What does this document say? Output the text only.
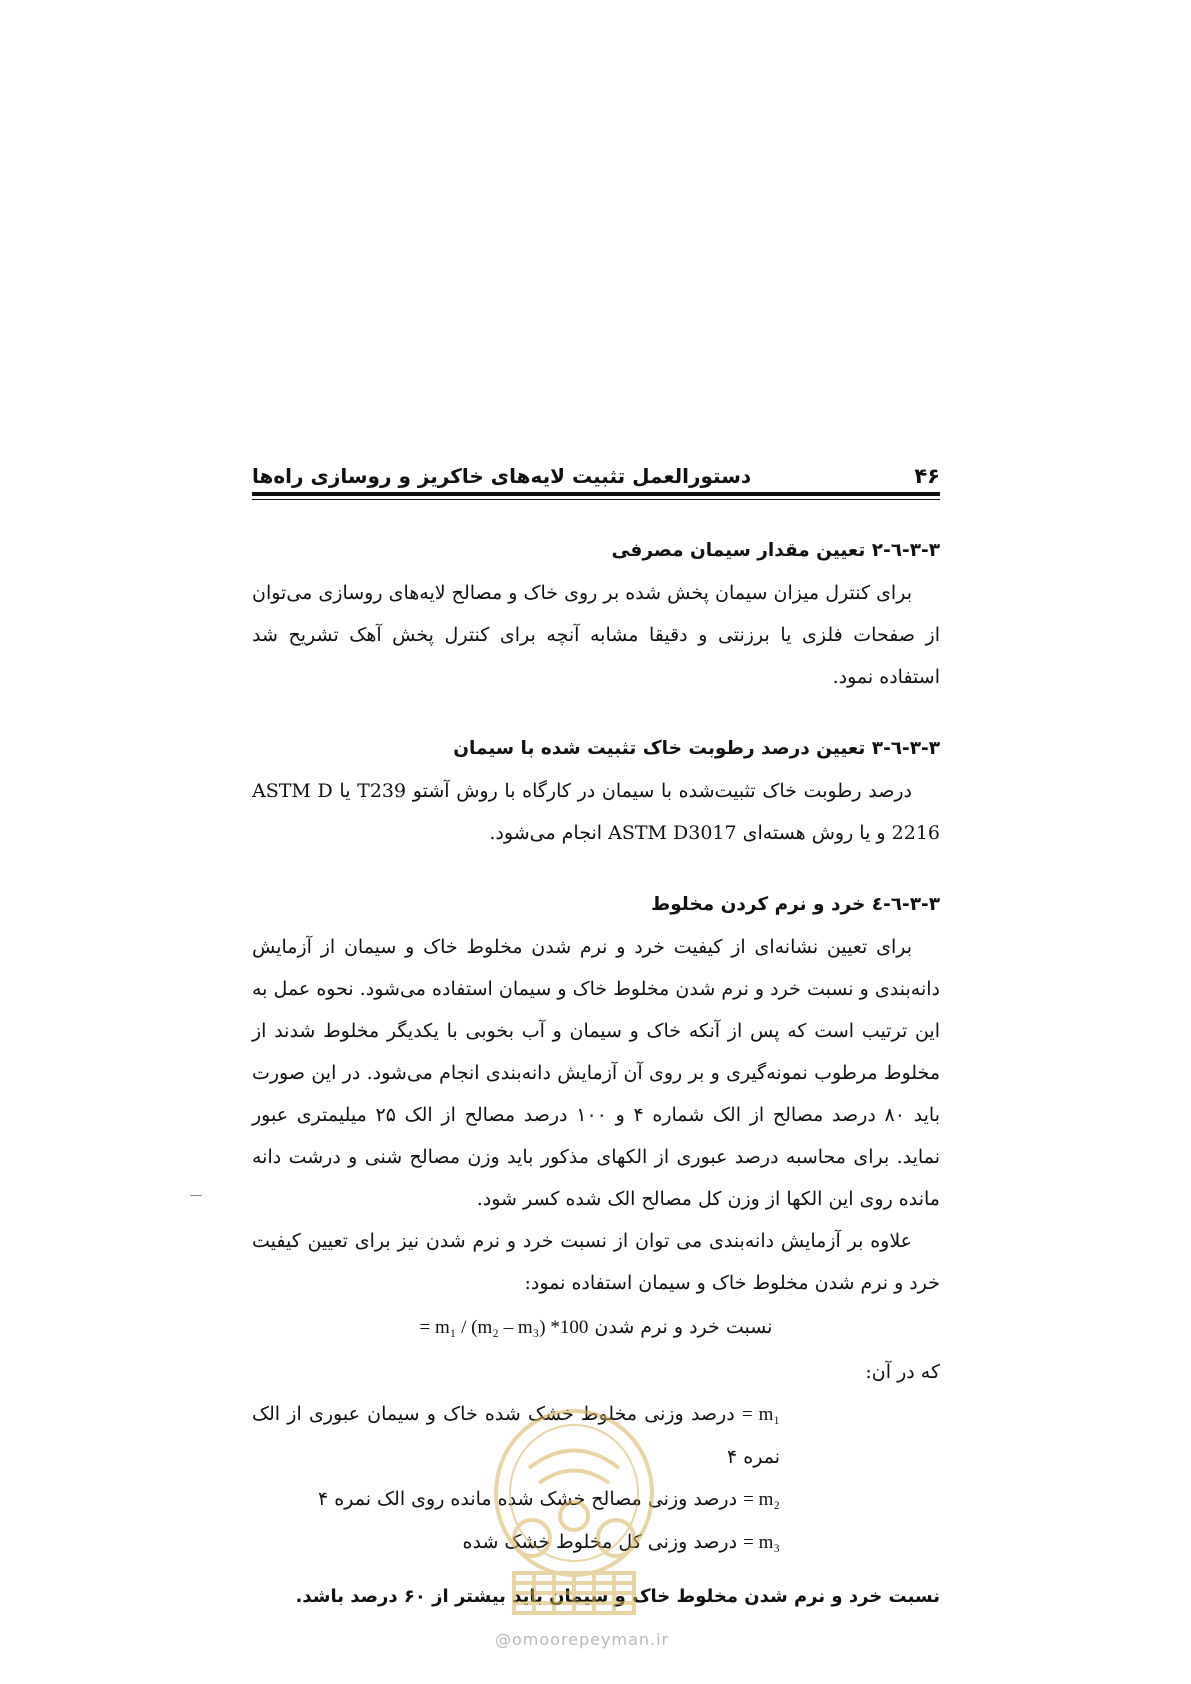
۴۶
دستورالعمل تثبیت لایه‌های خاکریز و روسازی راه‌ها
۳-۳-٦-۲ تعیین مقدار سیمان مصرفی

برای کنترل میزان سیمان پخش شده بر روی خاک و مصالح لایه‌های روسازی می‌توان از صفحات فلزی یا برزنتی و دقیقا مشابه آنچه برای کنترل پخش آهک تشریح شد استفاده نمود.

۳-۳-٦-۳ تعیین درصد رطوبت خاک تثبیت شده با سیمان

درصد رطوبت خاک تثبیت‌شده با سیمان در کارگاه با روش آشتو T239 یا ASTM D 2216 و یا روش هسته‌ای ASTM D3017 انجام می‌شود.

۳-۳-٦-٤ خرد و نرم کردن مخلوط

برای تعیین نشانه‌ای از کیفیت خرد و نرم شدن مخلوط خاک و سیمان از آزمایش دانه‌بندی و نسبت خرد و نرم شدن مخلوط خاک و سیمان استفاده می‌شود. نحوه عمل به این ترتیب است که پس از آنکه خاک و سیمان و آب بخوبی با یکدیگر مخلوط شدند از مخلوط مرطوب نمونه‌گیری و بر روی آن آزمایش دانه‌بندی انجام می‌شود. در این صورت باید ۸۰ درصد مصالح از الک شماره ۴ و ۱۰۰ درصد مصالح از الک ۲۵ میلیمتری عبور نماید. برای محاسبه درصد عبوری از الکهای مذکور باید وزن مصالح شنی و درشت دانه مانده روی این الکها از وزن کل مصالح الک شده کسر شود.

علاوه بر آزمایش دانه‌بندی می توان از نسبت خرد و نرم شدن نیز برای تعیین کیفیت خرد و نرم شدن مخلوط خاک و سیمان استفاده نمود:

نسبت خرد و نرم شدن = m₁ / (m₂ – m₃) *100

که در آن:

m₁ = درصد وزنی مخلوط خشک شده خاک و سیمان عبوری از الک نمره ۴

m₂ = درصد وزنی مصالح خشک شده مانده روی الک نمره ۴

m₃ = درصد وزنی کل مخلوط خشک شده

نسبت خرد و نرم شدن مخلوط خاک و سیمان باید بیشتر از ۶۰ درصد باشد.

@omoorepeyman.ir
